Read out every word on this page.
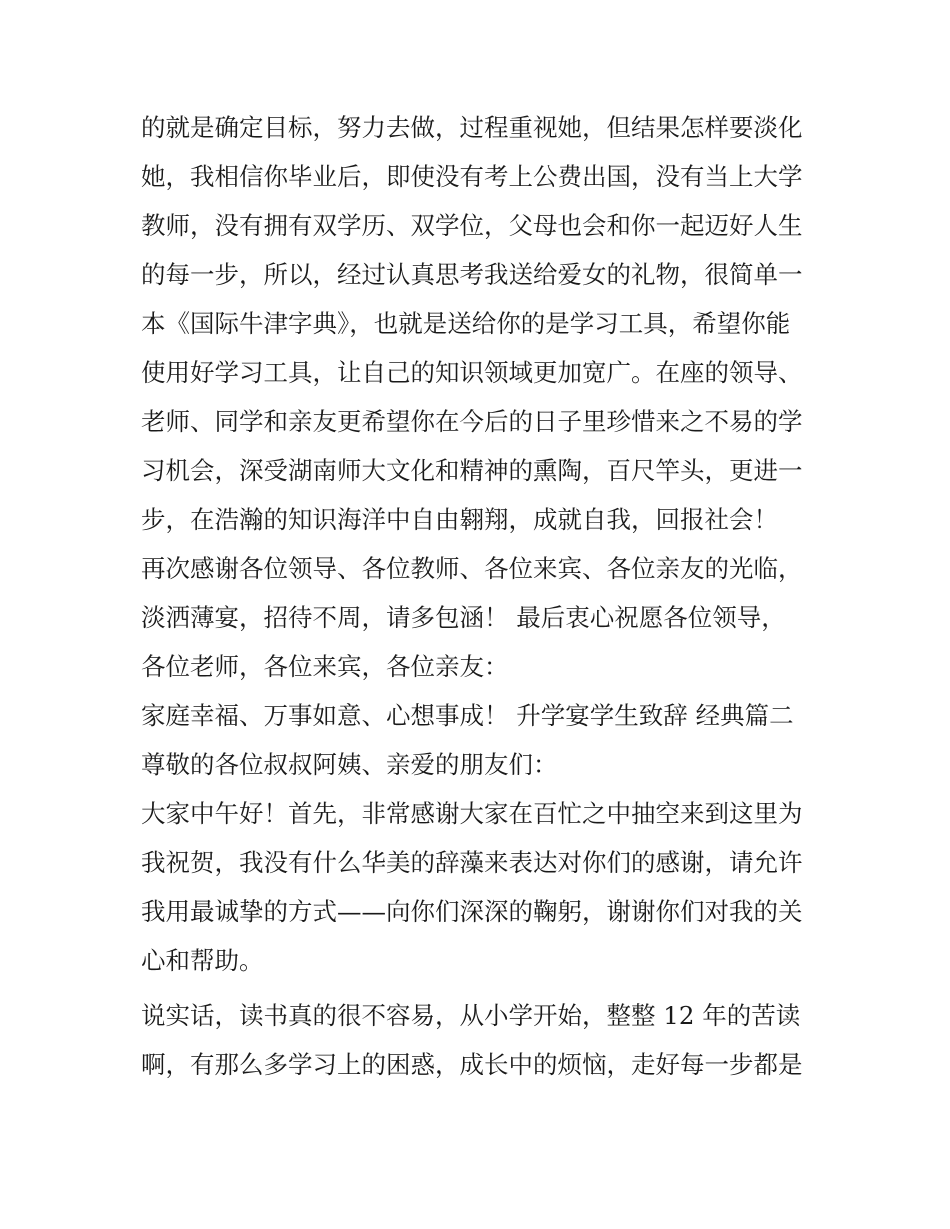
的就是确定目标，努力去做，过程重视她，但结果怎样要淡化
她，我相信你毕业后，即使没有考上公费出国，没有当上大学
教师，没有拥有双学历、双学位，父母也会和你一起迈好人生
的每一步，所以，经过认真思考我送给爱女的礼物，很简单一
本《国际牛津字典》，也就是送给你的是学习工具，希望你能
使用好学习工具，让自己的知识领域更加宽广。在座的领导、
老师、同学和亲友更希望你在今后的日子里珍惜来之不易的学
习机会，深受湖南师大文化和精神的熏陶，百尺竿头，更进一
步，在浩瀚的知识海洋中自由翱翔，成就自我，回报社会！
再次感谢各位领导、各位教师、各位来宾、各位亲友的光临，
淡洒薄宴，招待不周，请多包涵！ 最后衷心祝愿各位领导，
各位老师，各位来宾，各位亲友：
家庭幸福、万事如意、心想事成！ 升学宴学生致辞 经典篇二
尊敬的各位叔叔阿姨、亲爱的朋友们：
大家中午好！首先，非常感谢大家在百忙之中抽空来到这里为
我祝贺，我没有什么华美的辞藻来表达对你们的感谢，请允许
我用最诚挚的方式——向你们深深的鞠躬，谢谢你们对我的关
心和帮助。
说实话，读书真的很不容易，从小学开始，整整 12 年的苦读
啊，有那么多学习上的困惑，成长中的烦恼，走好每一步都是
